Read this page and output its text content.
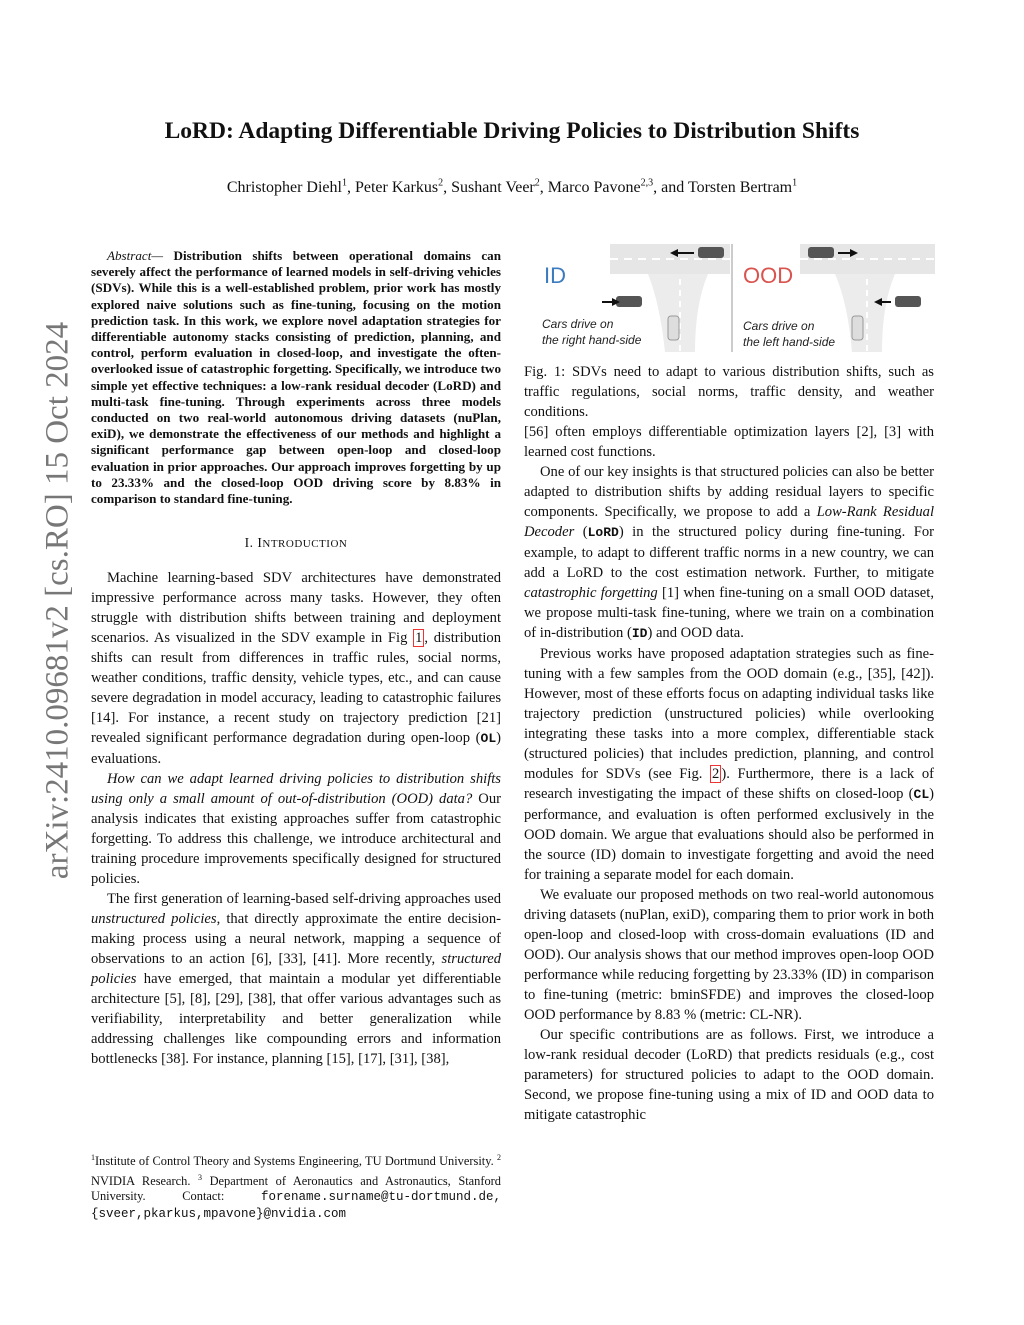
arXiv:2410.09681v2 [cs.RO] 15 Oct 2024
LoRD: Adapting Differentiable Driving Policies to Distribution Shifts
Christopher Diehl$^1$, Peter Karkus$^2$, Sushant Veer$^2$, Marco Pavone$^{2,3}$, and Torsten Bertram$^1$

Abstract— Distribution shifts between operational domains can severely affect the performance of learned models in self-driving vehicles (SDVs). While this is a well-established problem, prior work has mostly explored naive solutions such as fine-tuning, focusing on the motion prediction task. In this work, we explore novel adaptation strategies for differentiable autonomy stacks consisting of prediction, planning, and control, perform evaluation in closed-loop, and investigate the often-overlooked issue of catastrophic forgetting. Specifically, we introduce two simple yet effective techniques: a low-rank residual decoder (LoRD) and multi-task fine-tuning. Through experiments across three models conducted on two real-world autonomous driving datasets (nuPlan, exiD), we demonstrate the effectiveness of our methods and highlight a significant performance gap between open-loop and closed-loop evaluation in prior approaches. Our approach improves forgetting by up to 23.33% and the closed-loop OOD driving score by 8.83% in comparison to standard fine-tuning.

I. INTRODUCTION

Machine learning-based SDV architectures have demonstrated impressive performance across many tasks. However, they often struggle with distribution shifts between training and deployment scenarios. As visualized in the SDV example in Fig 1 , distribution shifts can result from differences in traffic rules, social norms, weather conditions, traffic density, vehicle types, etc., and can cause severe degradation in model accuracy, leading to catastrophic failures [14]. For instance, a recent study on trajectory prediction [21] revealed significant performance degradation during open-loop (OL) evaluations.

How can we adapt learned driving policies to distribution shifts using only a small amount of out-of-distribution (OOD) data? Our analysis indicates that existing approaches suffer from catastrophic forgetting. To address this challenge, we introduce architectural and training procedure improvements specifically designed for structured policies.

The first generation of learning-based self-driving approaches used unstructured policies, that directly approximate the entire decision-making process using a neural network, mapping a sequence of observations to an action [6], [33], [41]. More recently, structured policies have emerged, that maintain a modular yet differentiable architecture [5], [8], [29], [38], that offer various advantages such as verifiability, interpretability and better generalization while addressing challenges like compounding errors and information bottlenecks [38]. For instance, planning [15], [17], [31], [38],

$^1$Institute of Control Theory and Systems Engineering, TU Dortmund University. $^2$ NVIDIA Research. $^3$ Department of Aeronautics and Astronautics, Stanford University. Contact: forename.surname@tu-dortmund.de, {sveer,pkarkus,mpavone}@nvidia.com
ID	OOD
Cars drive on
the right hand-side
Cars drive on
the left hand-side

Fig. 1: SDVs need to adapt to various distribution shifts, such as traffic regulations, social norms, traffic density, and weather conditions.

[56] often employs differentiable optimization layers [2], [3] with learned cost functions.

One of our key insights is that structured policies can also be better adapted to distribution shifts by adding residual layers to specific components. Specifically, we propose to add a Low-Rank Residual Decoder (LoRD) in the structured policy during fine-tuning. For example, to adapt to different traffic norms in a new country, we can add a LoRD to the cost estimation network. Further, to mitigate catastrophic forgetting [1] when fine-tuning on a small OOD dataset, we propose multi-task fine-tuning, where we train on a combination of in-distribution (ID) and OOD data.

Previous works have proposed adaptation strategies such as fine-tuning with a few samples from the OOD domain (e.g., [35], [42]). However, most of these efforts focus on adapting individual tasks like trajectory prediction (unstructured policies) while overlooking integrating these tasks into a more complex, differentiable stack (structured policies) that includes prediction, planning, and control modules for SDVs (see Fig. 2 ). Furthermore, there is a lack of research investigating the impact of these shifts on closed-loop (CL) performance, and evaluation is often performed exclusively in the OOD domain. We argue that evaluations should also be performed in the source (ID) domain to investigate forgetting and avoid the need for training a separate model for each domain.

We evaluate our proposed methods on two real-world autonomous driving datasets (nuPlan, exiD), comparing them to prior work in both open-loop and closed-loop with cross-domain evaluations (ID and OOD). Our analysis shows that our method improves open-loop OOD performance while reducing forgetting by 23.33% (ID) in comparison to fine-tuning (metric: bminSFDE) and improves the closed-loop OOD performance by 8.83 % (metric: CL-NR).

Our specific contributions are as follows. First, we introduce a low-rank residual decoder (LoRD) that predicts residuals (e.g., cost parameters) for structured policies to adapt to the OOD domain. Second, we propose fine-tuning using a mix of ID and OOD data to mitigate catastrophic
